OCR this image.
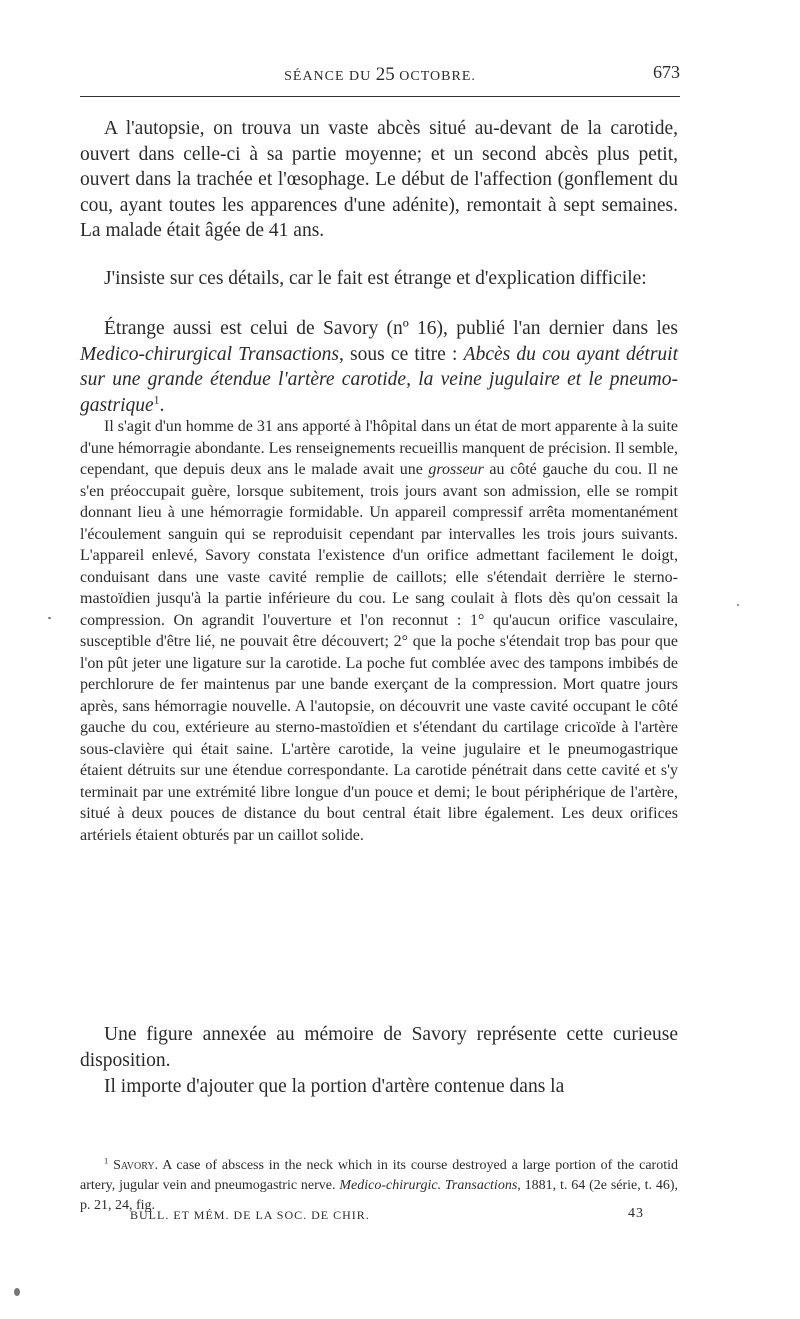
SÉANCE DU 25 OCTOBRE.	673

A l'autopsie, on trouva un vaste abcès situé au-devant de la carotide, ouvert dans celle-ci à sa partie moyenne; et un second abcès plus petit, ouvert dans la trachée et l'œsophage. Le début de l'affection (gonflement du cou, ayant toutes les apparences d'une adénite), remontait à sept semaines. La malade était âgée de 41 ans.

J'insiste sur ces détails, car le fait est étrange et d'explication difficile:

Étrange aussi est celui de Savory (nº 16), publié l'an dernier dans les Medico-chirurgical Transactions, sous ce titre : Abcès du cou ayant détruit sur une grande étendue l'artère carotide, la veine jugulaire et le pneumo-gastrique$^1$.

Il s'agit d'un homme de 31 ans apporté à l'hôpital dans un état de mort apparente à la suite d'une hémorragie abondante. Les renseignements recueillis manquent de précision. Il semble, cependant, que depuis deux ans le malade avait une grosseur au côté gauche du cou. Il ne s'en préoccupait guère, lorsque subitement, trois jours avant son admission, elle se rompit donnant lieu à une hémorragie formidable. Un appareil compressif arrêta momentanément l'écoulement sanguin qui se reproduisit cependant par intervalles les trois jours suivants. L'appareil enlevé, Savory constata l'existence d'un orifice admettant facilement le doigt, conduisant dans une vaste cavité remplie de caillots; elle s'étendait derrière le sterno-mastoïdien jusqu'à la partie inférieure du cou. Le sang coulait à flots dès qu'on cessait la compression. On agrandit l'ouverture et l'on reconnut : 1° qu'aucun orifice vasculaire, susceptible d'être lié, ne pouvait être découvert; 2° que la poche s'étendait trop bas pour que l'on pût jeter une ligature sur la carotide. La poche fut comblée avec des tampons imbibés de perchlorure de fer maintenus par une bande exerçant de la compression. Mort quatre jours après, sans hémorragie nouvelle. A l'autopsie, on découvrit une vaste cavité occupant le côté gauche du cou, extérieure au sterno-mastoïdien et s'étendant du cartilage cricoïde à l'artère sous-clavière qui était saine. L'artère carotide, la veine jugulaire et le pneumogastrique étaient détruits sur une étendue correspondante. La carotide pénétrait dans cette cavité et s'y terminait par une extrémité libre longue d'un pouce et demi; le bout périphérique de l'artère, situé à deux pouces de distance du bout central était libre également. Les deux orifices artériels étaient obturés par un caillot solide.

Une figure annexée au mémoire de Savory représente cette curieuse disposition.

Il importe d'ajouter que la portion d'artère contenue dans la

$^1$ Savory. A case of abscess in the neck which in its course destroyed a large portion of the carotid artery, jugular vein and pneumogastric nerve. Medico-chirurgic. Transactions, 1881, t. 64 (2e série, t. 46), p. 21, 24, fig.

BULL. ET MÉM. DE LA SOC. DE CHIR.	43
